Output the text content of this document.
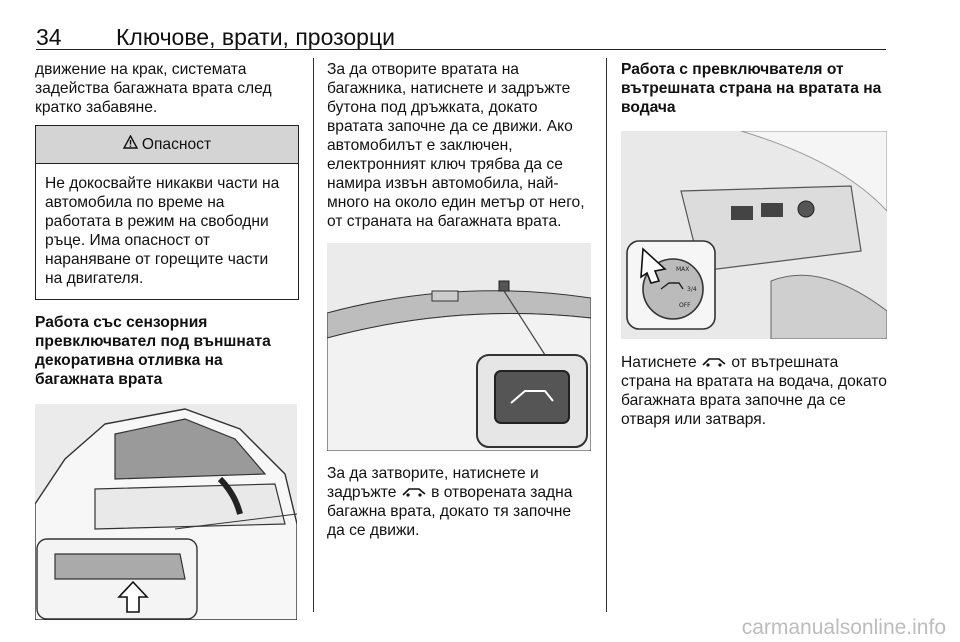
34 Ключове, врати, прозорци

движение на крак, системата задейства багажната врата след кратко забавяне.

Опасност

Не докосвайте никакви части на автомобила по време на работата в режим на свободни ръце. Има опасност от нараняване от горещите части на двигателя.

Работа със сензорния превключвател под външната декоративна отливка на багажната врата

За да отворите вратата на багажника, натиснете и задръжте бутона под дръжката, докато вратата започне да се движи. Ако автомобилът е заключен, електронният ключ трябва да се намира извън автомобила, най-много на около един метър от него, от страната на багажната врата.

За да затворите, натиснете и задръжте в отворената задна багажна врата, докато тя започне да се движи.

Работа с превключвателя от вътрешната страна на вратата на водача
MAX
3/4
OFF

Натиснете от вътрешната страна на вратата на водача, докато багажната врата започне да се отваря или затваря.

carmanualsonline.info
